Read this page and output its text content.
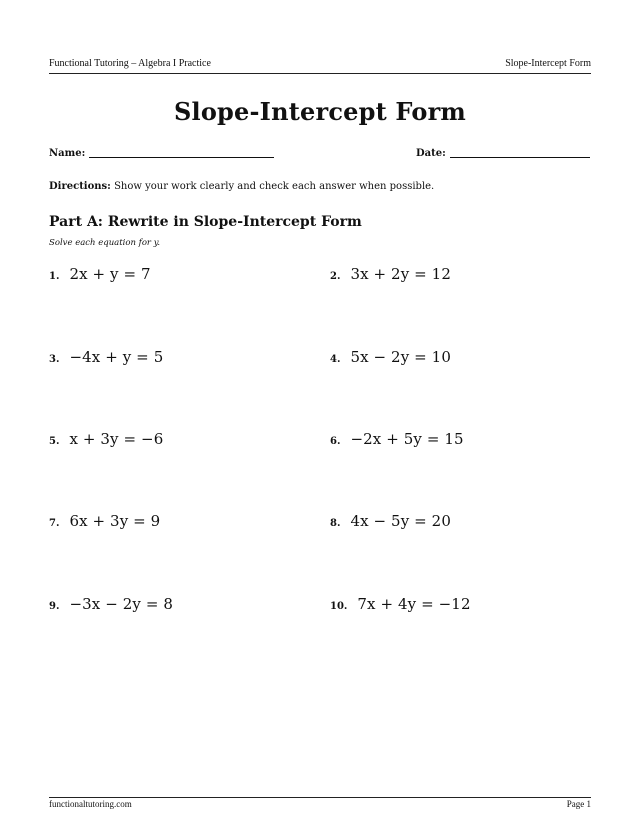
Functional Tutoring – Algebra I Practice	Slope-Intercept Form
Slope-Intercept Form
Name:	Date:
Directions: Show your work clearly and check each answer when possible.
Part A: Rewrite in Slope-Intercept Form
Solve each equation for y.
1. 2x + y = 7	2. 3x + 2y = 12
3. −4x + y = 5	4. 5x − 2y = 10
5. x + 3y = −6	6. −2x + 5y = 15
7. 6x + 3y = 9	8. 4x − 5y = 20
9. −3x − 2y = 8	10. 7x + 4y = −12
functionaltutoring.com	Page 1
